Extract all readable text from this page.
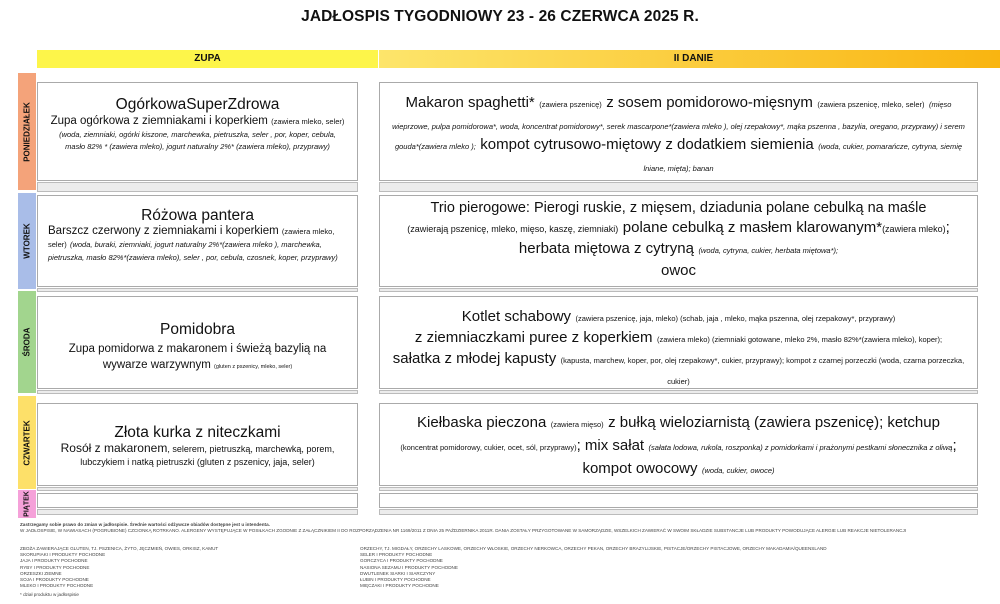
JADŁOSPIS TYGODNIOWY 23 - 26 CZERWCA 2025 R.
ZUPA	II DANIE
PONIEDZIAŁEK
WTOREK
ŚRODA
CZWARTEK
PIĄTEK
OgórkowaSuperZdrowa
Zupa ogórkowa z ziemniakami i koperkiem (zawiera mleko, seler)
(woda, ziemniaki, ogórki kiszone, marchewka, pietruszka, seler , por, koper, cebula, masło 82% * (zawiera mleko), jogurt naturalny 2%* (zawiera mleko), przyprawy)
Makaron spaghetti* (zawiera pszenicę) z sosem pomidorowo-mięsnym (zawiera pszenicę, mleko, seler) (mięso wieprzowe, pulpa pomidorowa*, woda, koncentrat pomidorowy*, serek mascarpone*(zawiera mleko ), olej rzepakowy*, mąka pszenna , bazylia, oregano, przyprawy) i serem gouda*(zawiera mleko ); kompot cytrusowo-miętowy z dodatkiem siemienia (woda, cukier, pomarańcze, cytryna, siemię lniane, mięta); banan
Różowa pantera
Barszcz czerwony z ziemniakami i koperkiem (zawiera mleko, seler) (woda, buraki, ziemniaki, jogurt naturalny 2%*(zawiera mleko ), marchewka, pietruszka, masło 82%*(zawiera mleko), seler , por, cebula, czosnek, koper, przyprawy)
Trio pierogowe: Pierogi ruskie, z mięsem, dziadunia polane cebulką na maśle
(zawierają pszenicę, mleko, mięso, kaszę, ziemniaki) polane cebulką z masłem klarowanym*(zawiera mleko); herbata miętowa z cytryną (woda, cytryna, cukier, herbata miętowa*);
owoc
Pomidobra
Zupa pomidorwa z makaronem i świeżą bazylią na wywarze warzywnym (gluten z pszenicy, mleko, seler)
Kotlet schabowy (zawiera pszenicę, jaja, mleko) (schab, jaja , mleko, mąka pszenna, olej rzepakowy*, przyprawy)
z ziemniaczkami puree z koperkiem (zawiera mleko) (ziemniaki gotowane, mleko 2%, masło 82%*(zawiera mleko), koper);
sałatka z młodej kapusty (kapusta, marchew, koper, por, olej rzepakowy*, cukier, przyprawy); kompot z czarnej porzeczki (woda, czarna porzeczka, cukier)
Złota kurka z niteczkami
Rosół z makaronem, selerem, pietruszką, marchewką, porem, lubczykiem i natką pietruszki (gluten z pszenicy, jaja, seler)
Kiełbaska pieczona (zawiera mięso) z bułką wieloziarnistą (zawiera pszenicę); ketchup
(koncentrat pomidorowy, cukier, ocet, sól, przyprawy); mix sałat (sałata lodowa, rukola, roszponka) z pomidorkami i prażonymi pestkami słonecznika z oliwą; kompot owocowy (woda, cukier, owoce)
Zastrzegamy sobie prawo do zmian w jadłospisie. Średnie wartości odżywcze obiadów dostępne jest u intendenta.
W JADŁOSPISIE, W NAWIASACH (POGRUBIONE) CZCIONKĄ ROTRKANO. ALERGENY WYSTĘPUJĄCE W POSIŁKACH ZGODNIE Z ZAŁĄCZNIKIEM II DO ROZPORZĄDZENIA NR 1169/2011 Z DNIA 25 PAŹDZIERNIKA 2011R. DANIA ZOSTAŁY PRZYGOTOWANE W SAMORZĄDZIE, WSZELKICH ZAWIERAĆ W SWOIM SKŁADZIE SUBSTANCJE LUB PRODUKTY POWODUJĄCE ALERGIE LUB REAKCJE NIETOLERANCJI
ZBOŻA ZAWIERAJĄCE GLUTEN, TJ. PSZENICA, ŻYTO, JĘCZMIEŃ, OWIES, ORKISZ, KAMUT
SKORUPIAKI I PRODUKTY POCHODNE
JAJA I PRODUKTY POCHODNE
RYBY I PRODUKTY POCHODNE
ORZESZKI ZIEMNE
SOJA I PRODUKTY POCHODNE
MLEKO I PRODUKTY POCHODNE
ORZECHY, TJ. MIGDAŁY, ORZECHY LASKOWE, ORZECHY WŁOSKIE, ORZECHY NERKOWCA, ORZECHY PEKAN, ORZECHY BRAZYLIJSKIE, PISTACJE/ORZECHY PISTACJOWE, ORZECHY MAKADAMIA/QUEENSLAND
SELER I PRODUKTY POCHODNE
GORCZYCA I PRODUKTY POCHODNE
NASIONA SEZAMU I PRODUKTY POCHODNE
DWUTLENEK SIARKI I SIARCZYNY
ŁUBIN I PRODUKTY POCHODNE
MIĘCZAKI I PRODUKTY POCHODNE
* dział produktu w jadłospisie
